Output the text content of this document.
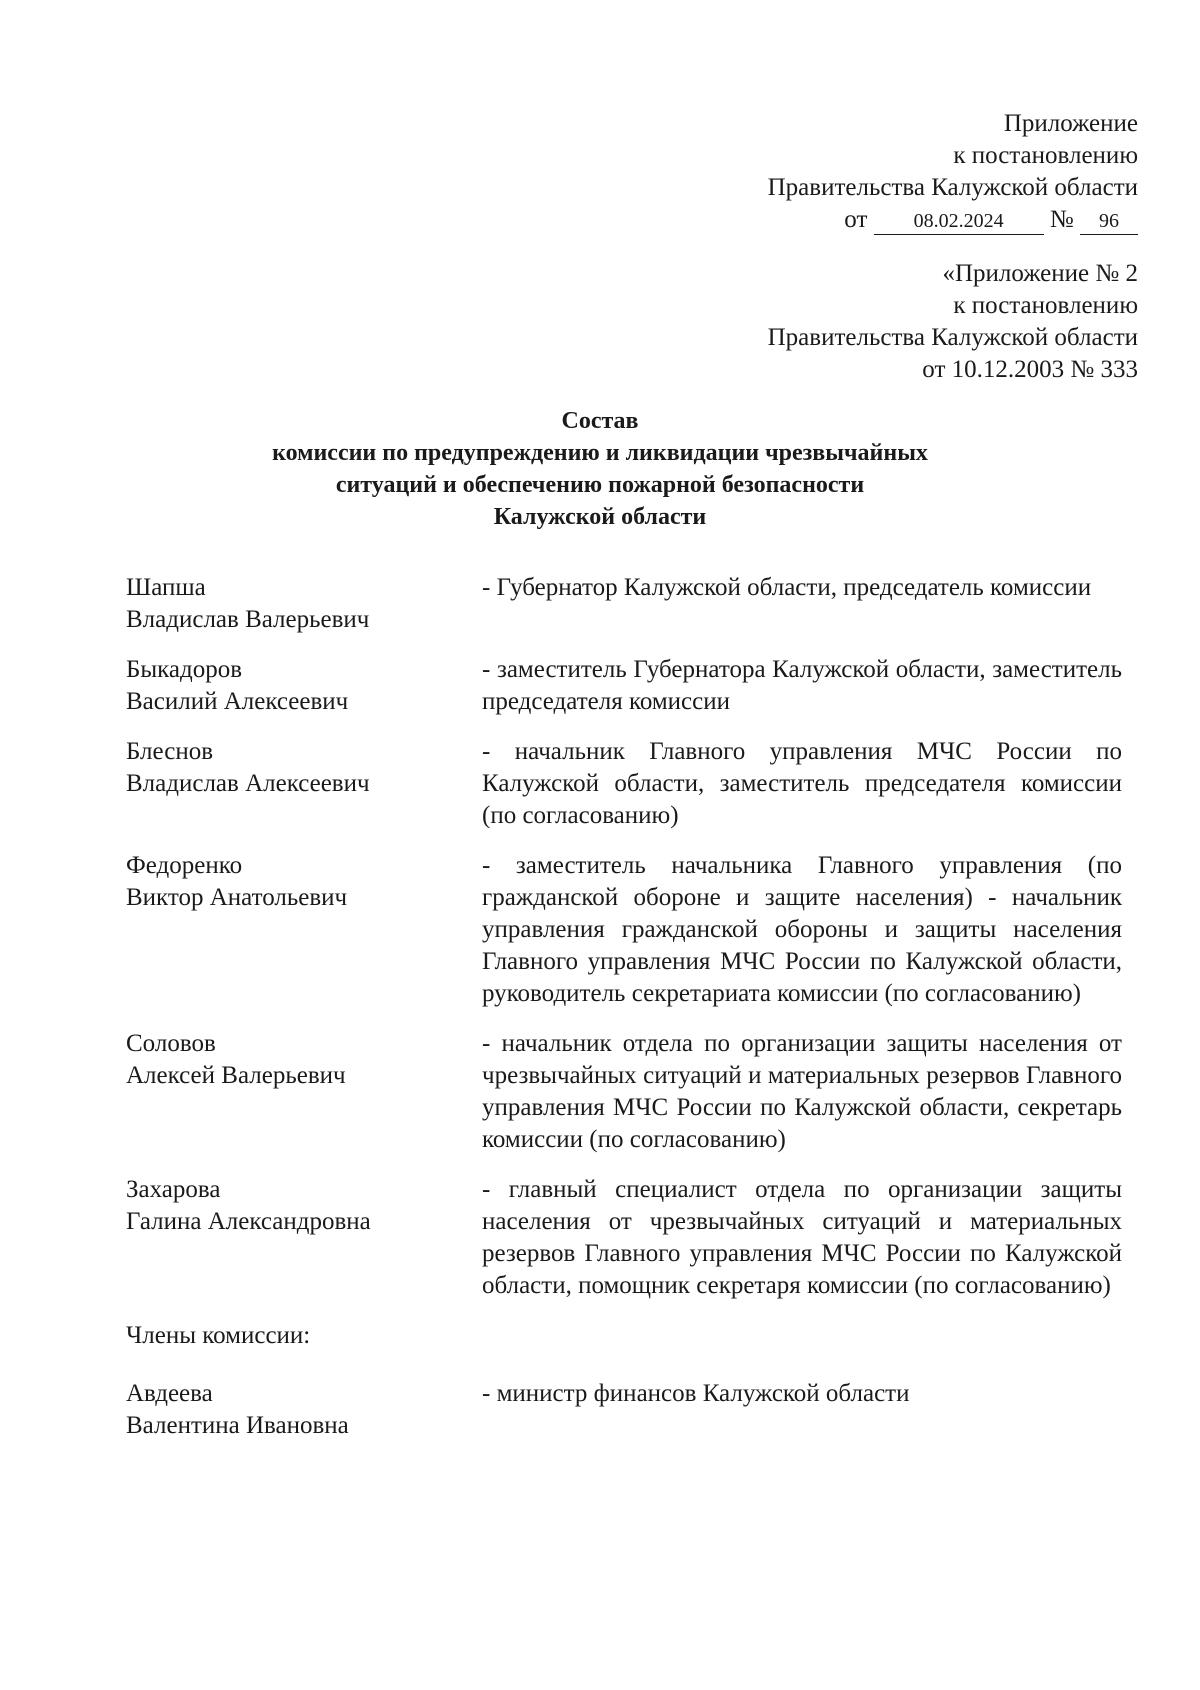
Приложение
к постановлению
Правительства Калужской области
от 08.02.2024 № 96
«Приложение № 2
к постановлению
Правительства Калужской области
от 10.12.2003 № 333
Состав
комиссии по предупреждению и ликвидации чрезвычайных
ситуаций и обеспечению пожарной безопасности
Калужской области
Шапша
Владислав Валерьевич
- Губернатор Калужской области, председатель комиссии
Быкадоров
Василий Алексеевич
- заместитель Губернатора Калужской области, заместитель председателя комиссии
Блеснов
Владислав Алексеевич
- начальник Главного управления МЧС России по Калужской области, заместитель председателя комиссии (по согласованию)
Федоренко
Виктор Анатольевич
- заместитель начальника Главного управления (по гражданской обороне и защите населения) - начальник управления гражданской обороны и защиты населения Главного управления МЧС России по Калужской области, руководитель секретариата комиссии (по согласованию)
Соловов
Алексей Валерьевич
- начальник отдела по организации защиты населения от чрезвычайных ситуаций и материальных резервов Главного управления МЧС России по Калужской области, секретарь комиссии (по согласованию)
Захарова
Галина Александровна
- главный специалист отдела по организации защиты населения от чрезвычайных ситуаций и материальных резервов Главного управления МЧС России по Калужской области, помощник секретаря комиссии (по согласованию)
Члены комиссии:
Авдеева
Валентина Ивановна
- министр финансов Калужской области
